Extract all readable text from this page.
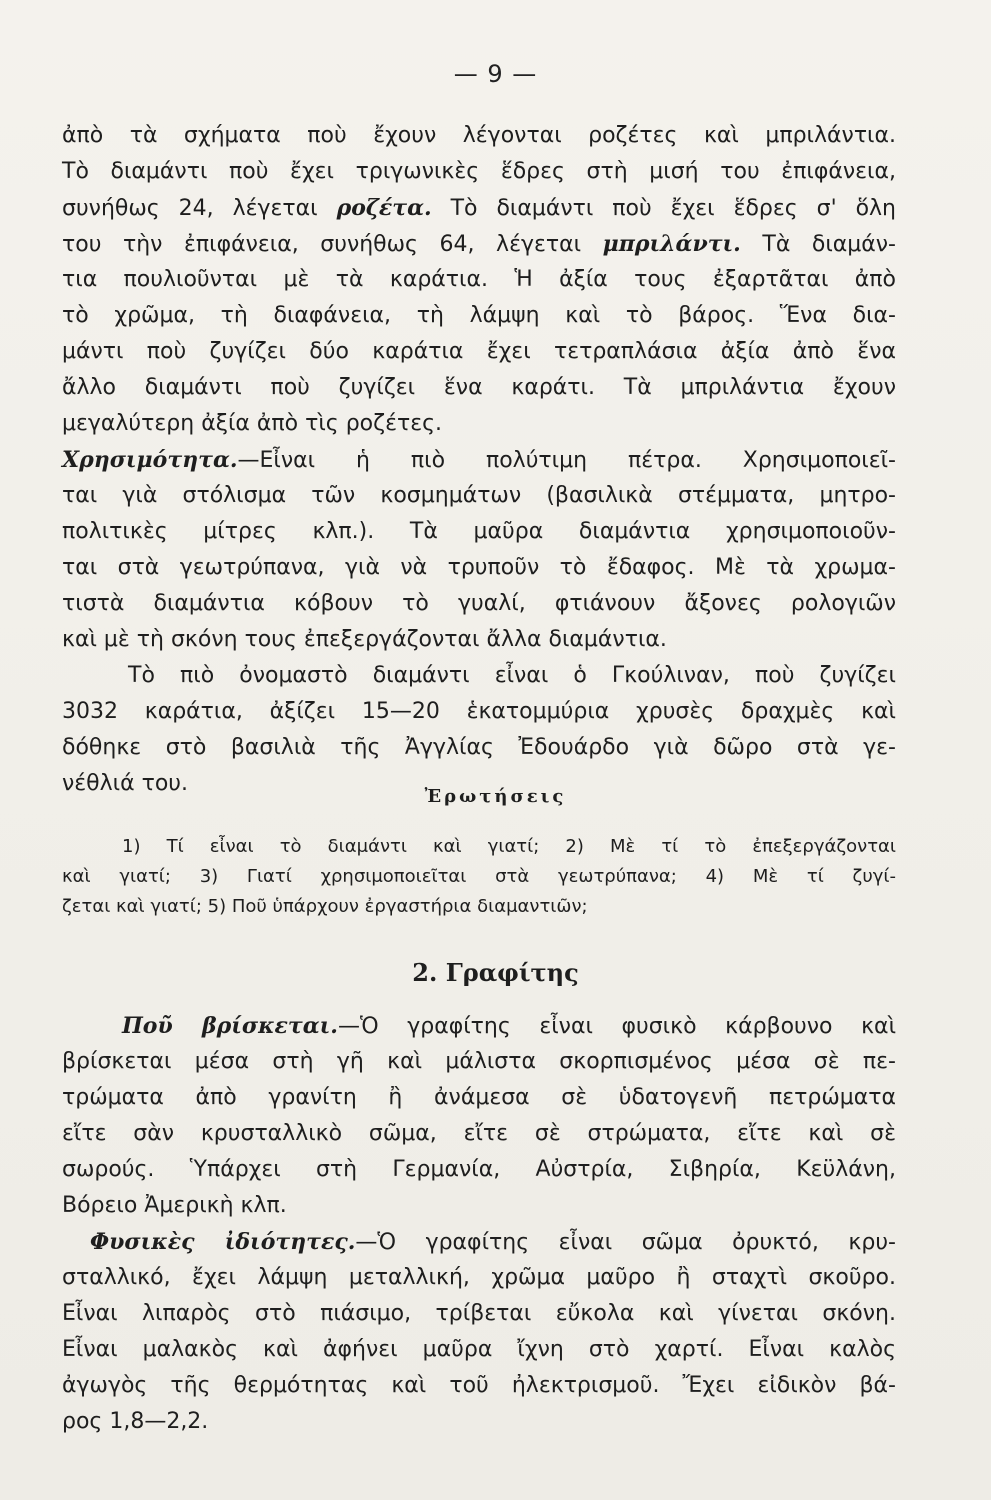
— 9 —
ἀπὸ τὰ σχήματα ποὺ ἔχουν λέγονται ροζέτες καὶ μπριλάντια.
Τὸ διαμάντι ποὺ ἔχει τριγωνικὲς ἕδρες στὴ μισή του ἐπιφάνεια,
συνήθως 24, λέγεται ροζέτα. Τὸ διαμάντι ποὺ ἔχει ἕδρες σ' ὅλη
του τὴν ἐπιφάνεια, συνήθως 64, λέγεται μπριλάντι. Τὰ διαμάν-
τια πουλιοῦνται μὲ τὰ καράτια. Ἡ ἀξία τους ἐξαρτᾶται ἀπὸ
τὸ χρῶμα, τὴ διαφάνεια, τὴ λάμψη καὶ τὸ βάρος. Ἕνα δια-
μάντι ποὺ ζυγίζει δύο καράτια ἔχει τετραπλάσια ἀξία ἀπὸ ἕνα
ἄλλο διαμάντι ποὺ ζυγίζει ἕνα καράτι. Τὰ μπριλάντια ἔχουν
μεγαλύτερη ἀξία ἀπὸ τὶς ροζέτες.
Χρησιμότητα.—Εἶναι ἡ πιὸ πολύτιμη πέτρα. Χρησιμοποιεῖ-
ται γιὰ στόλισμα τῶν κοσμημάτων (βασιλικὰ στέμματα, μητρο-
πολιτικὲς μίτρες κλπ.). Τὰ μαῦρα διαμάντια χρησιμοποιοῦν-
ται στὰ γεωτρύπανα, γιὰ νὰ τρυποῦν τὸ ἔδαφος. Μὲ τὰ χρωμα-
τιστὰ διαμάντια κόβουν τὸ γυαλί, φτιάνουν ἄξονες ρολογιῶν
καὶ μὲ τὴ σκόνη τους ἐπεξεργάζονται ἄλλα διαμάντια.
Τὸ πιὸ ὀνομαστὸ διαμάντι εἶναι ὁ Γκούλιναν, ποὺ ζυγίζει
3032 καράτια, ἀξίζει 15—20 ἑκατομμύρια χρυσὲς δραχμὲς καὶ
δόθηκε στὸ βασιλιὰ τῆς Ἀγγλίας Ἐδουάρδο γιὰ δῶρο στὰ γε-
νέθλιά του.
Ἐρωτήσεις
1) Τί εἶναι τὸ διαμάντι καὶ γιατί; 2) Μὲ τί τὸ ἐπεξεργάζονται
καὶ γιατί; 3) Γιατί χρησιμοποιεῖται στὰ γεωτρύπανα; 4) Μὲ τί ζυγί-
ζεται καὶ γιατί; 5) Ποῦ ὑπάρχουν ἐργαστήρια διαμαντιῶν;
2. Γραφίτης
Ποῦ βρίσκεται.—Ὁ γραφίτης εἶναι φυσικὸ κάρβουνο καὶ
βρίσκεται μέσα στὴ γῆ καὶ μάλιστα σκορπισμένος μέσα σὲ πε-
τρώματα ἀπὸ γρανίτη ἢ ἀνάμεσα σὲ ὑδατογενῆ πετρώματα
εἴτε σὰν κρυσταλλικὸ σῶμα, εἴτε σὲ στρώματα, εἴτε καὶ σὲ
σωρούς. Ὑπάρχει στὴ Γερμανία, Αὐστρία, Σιβηρία, Κεϋλάνη,
Βόρειο Ἀμερικὴ κλπ.
Φυσικὲς ἰδιότητες.—Ὁ γραφίτης εἶναι σῶμα ὀρυκτό, κρυ-
σταλλικό, ἔχει λάμψη μεταλλική, χρῶμα μαῦρο ἢ σταχτὶ σκοῦρο.
Εἶναι λιπαρὸς στὸ πιάσιμο, τρίβεται εὔκολα καὶ γίνεται σκόνη.
Εἶναι μαλακὸς καὶ ἀφήνει μαῦρα ἴχνη στὸ χαρτί. Εἶναι καλὸς
ἀγωγὸς τῆς θερμότητας καὶ τοῦ ἠλεκτρισμοῦ. Ἔχει εἰδικὸν βά-
ρος 1,8—2,2.
